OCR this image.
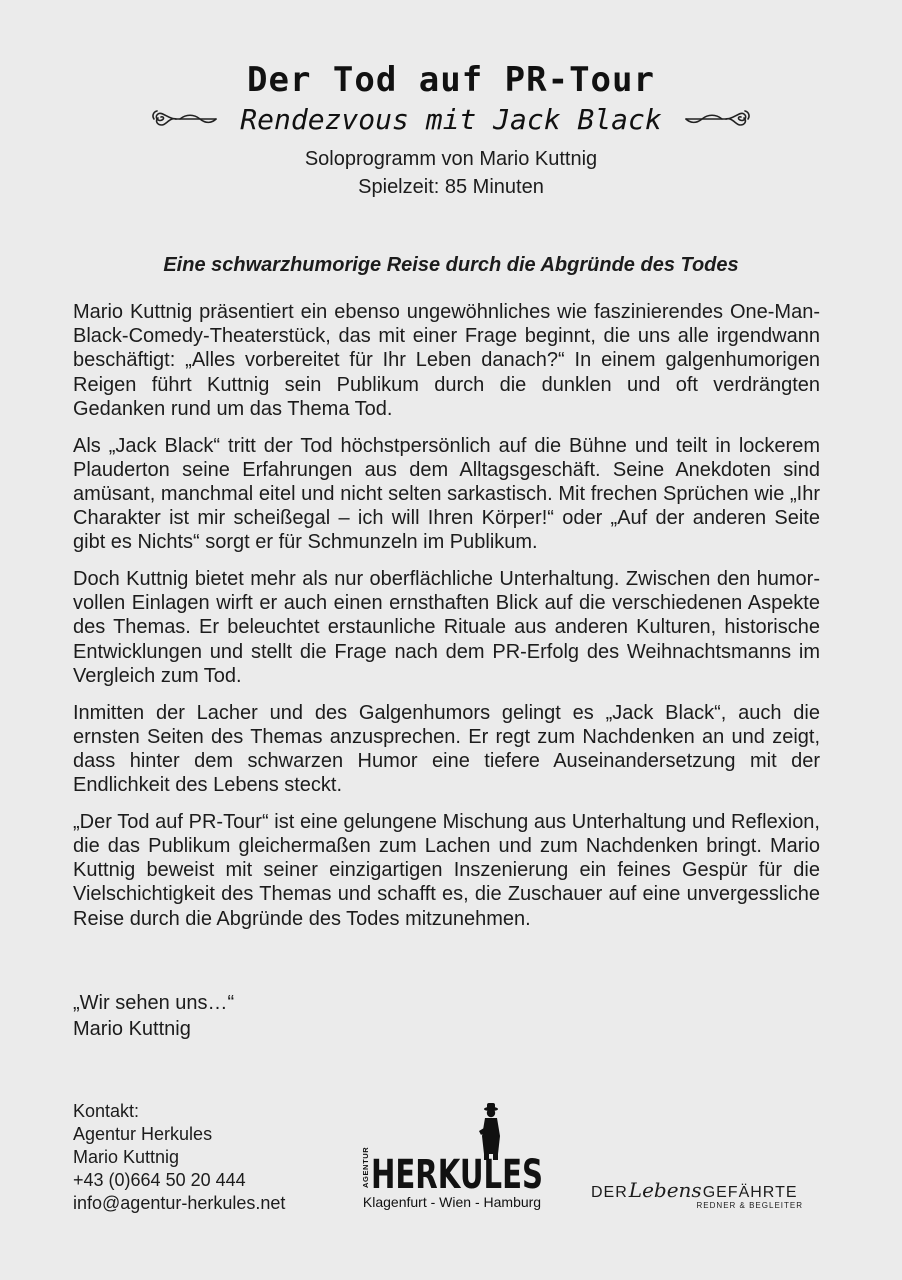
Der Tod auf PR-Tour
Rendezvous mit Jack Black
Soloprogramm von Mario Kuttnig
Spielzeit: 85 Minuten
Eine schwarzhumorige Reise durch die Abgründe des Todes

Mario Kuttnig präsentiert ein ebenso ungewöhnliches wie faszinierendes One-Man-Black-Comedy-Theaterstück, das mit einer Frage beginnt, die uns alle irgendwann beschäftigt: „Alles vorbereitet für Ihr Leben danach?“ In einem galgenhumorigen Reigen führt Kuttnig sein Publikum durch die dunklen und oft verdrängten Gedanken rund um das Thema Tod.

Als „Jack Black“ tritt der Tod höchstpersönlich auf die Bühne und teilt in lockerem Plauderton seine Erfahrungen aus dem Alltagsgeschäft. Seine Anekdoten sind amüsant, manchmal eitel und nicht selten sarkastisch. Mit frechen Sprüchen wie „Ihr Charakter ist mir scheißegal – ich will Ihren Körper!“ oder „Auf der anderen Seite gibt es Nichts“ sorgt er für Schmunzeln im Publikum.

Doch Kuttnig bietet mehr als nur oberflächliche Unterhaltung. Zwischen den humorvollen Einlagen wirft er auch einen ernsthaften Blick auf die verschiedenen Aspekte des Themas. Er beleuchtet erstaunliche Rituale aus anderen Kulturen, historische Entwicklungen und stellt die Frage nach dem PR-Erfolg des Weihnachtsmanns im Vergleich zum Tod.

Inmitten der Lacher und des Galgenhumors gelingt es „Jack Black“, auch die ernsten Seiten des Themas anzusprechen. Er regt zum Nachdenken an und zeigt, dass hinter dem schwarzen Humor eine tiefere Auseinandersetzung mit der Endlichkeit des Lebens steckt.

„Der Tod auf PR-Tour“ ist eine gelungene Mischung aus Unterhaltung und Reflexion, die das Publikum gleichermaßen zum Lachen und zum Nachdenken bringt. Mario Kuttnig beweist mit seiner einzigartigen Inszenierung ein feines Gespür für die Vielschichtigkeit des Themas und schafft es, die Zuschauer auf eine unvergessliche Reise durch die Abgründe des Todes mitzunehmen.

„Wir sehen uns…“
Mario Kuttnig
Kontakt:
Agentur Herkules
Mario Kuttnig
+43 (0)664 50 20 444
info@agentur-herkules.net
AGENTUR HERKULES
Klagenfurt - Wien - Hamburg
DERLebensGEFÄHRTE
REDNER & BEGLEITER
